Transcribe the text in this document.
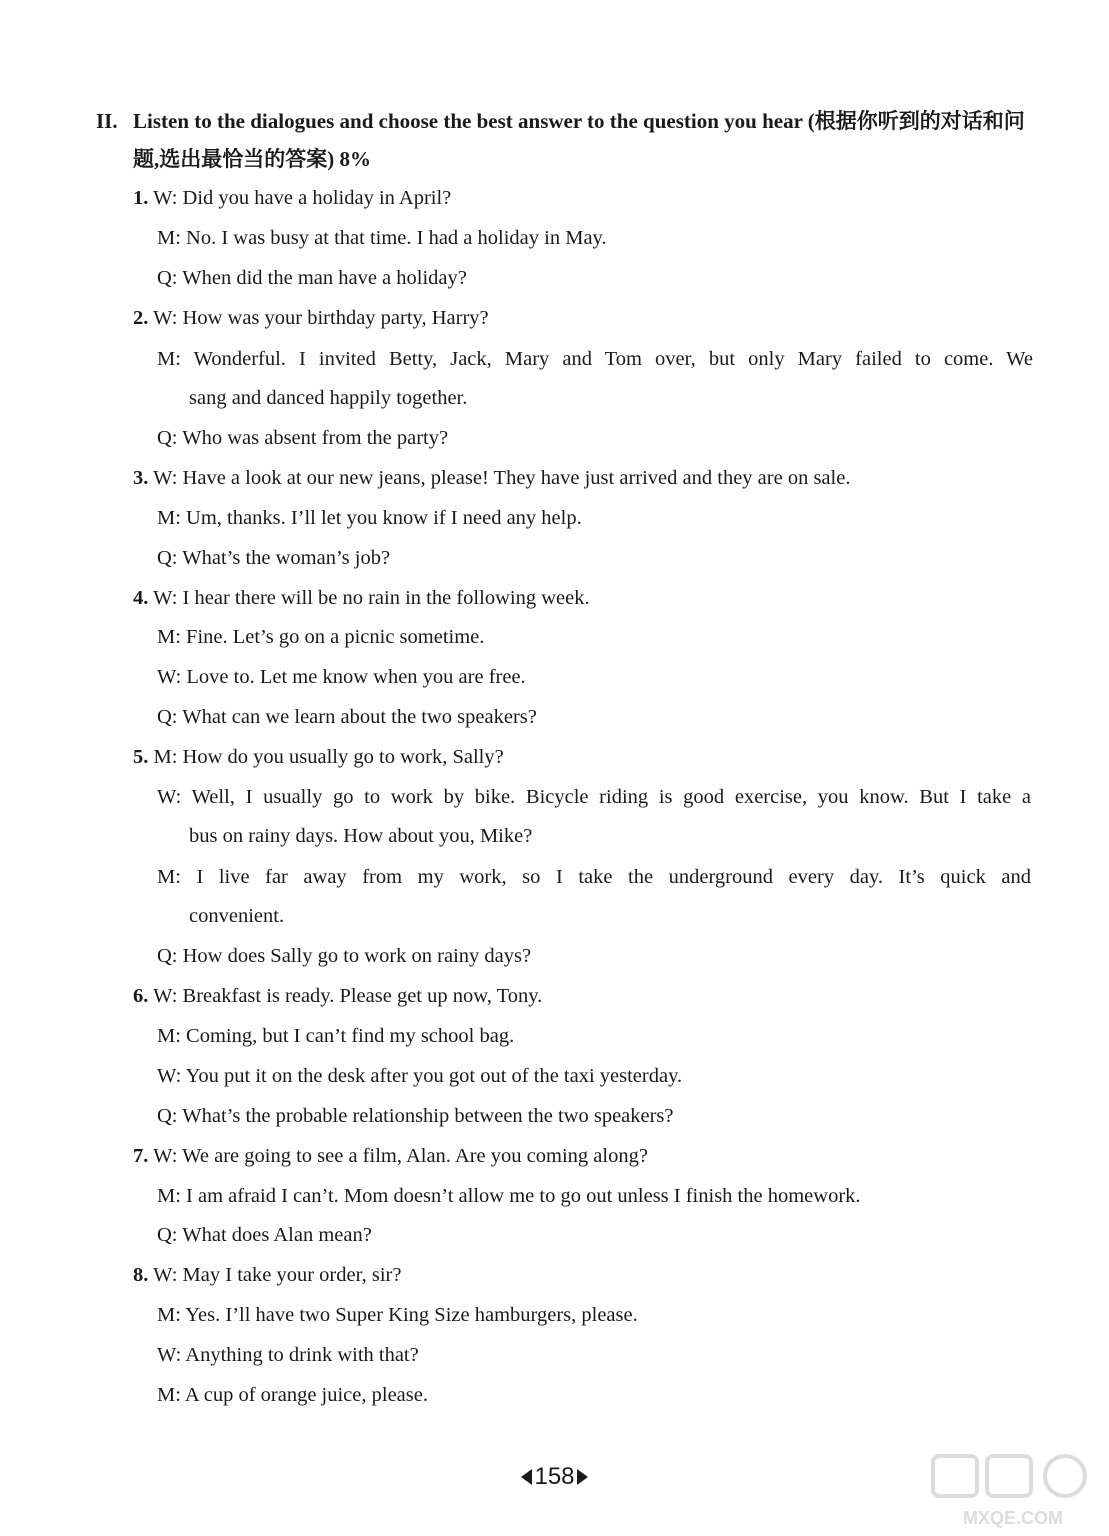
II. Listen to the dialogues and choose the best answer to the question you hear (根据你听到的对话和问题,选出最恰当的答案) 8%
1. W: Did you have a holiday in April?
M: No. I was busy at that time. I had a holiday in May.
Q: When did the man have a holiday?
2. W: How was your birthday party, Harry?
M: Wonderful. I invited Betty, Jack, Mary and Tom over, but only Mary failed to come. We
sang and danced happily together.
Q: Who was absent from the party?
3. W: Have a look at our new jeans, please! They have just arrived and they are on sale.
M: Um, thanks. I’ll let you know if I need any help.
Q: What’s the woman’s job?
4. W: I hear there will be no rain in the following week.
M: Fine. Let’s go on a picnic sometime.
W: Love to. Let me know when you are free.
Q: What can we learn about the two speakers?
5. M: How do you usually go to work, Sally?
W: Well, I usually go to work by bike. Bicycle riding is good exercise, you know. But I take a
bus on rainy days. How about you, Mike?
M: I live far away from my work, so I take the underground every day. It’s quick and
convenient.
Q: How does Sally go to work on rainy days?
6. W: Breakfast is ready. Please get up now, Tony.
M: Coming, but I can’t find my school bag.
W: You put it on the desk after you got out of the taxi yesterday.
Q: What’s the probable relationship between the two speakers?
7. W: We are going to see a film, Alan. Are you coming along?
M: I am afraid I can’t. Mom doesn’t allow me to go out unless I finish the homework.
Q: What does Alan mean?
8. W: May I take your order, sir?
M: Yes. I’ll have two Super King Size hamburgers, please.
W: Anything to drink with that?
M: A cup of orange juice, please.
158
MXQE.COM
